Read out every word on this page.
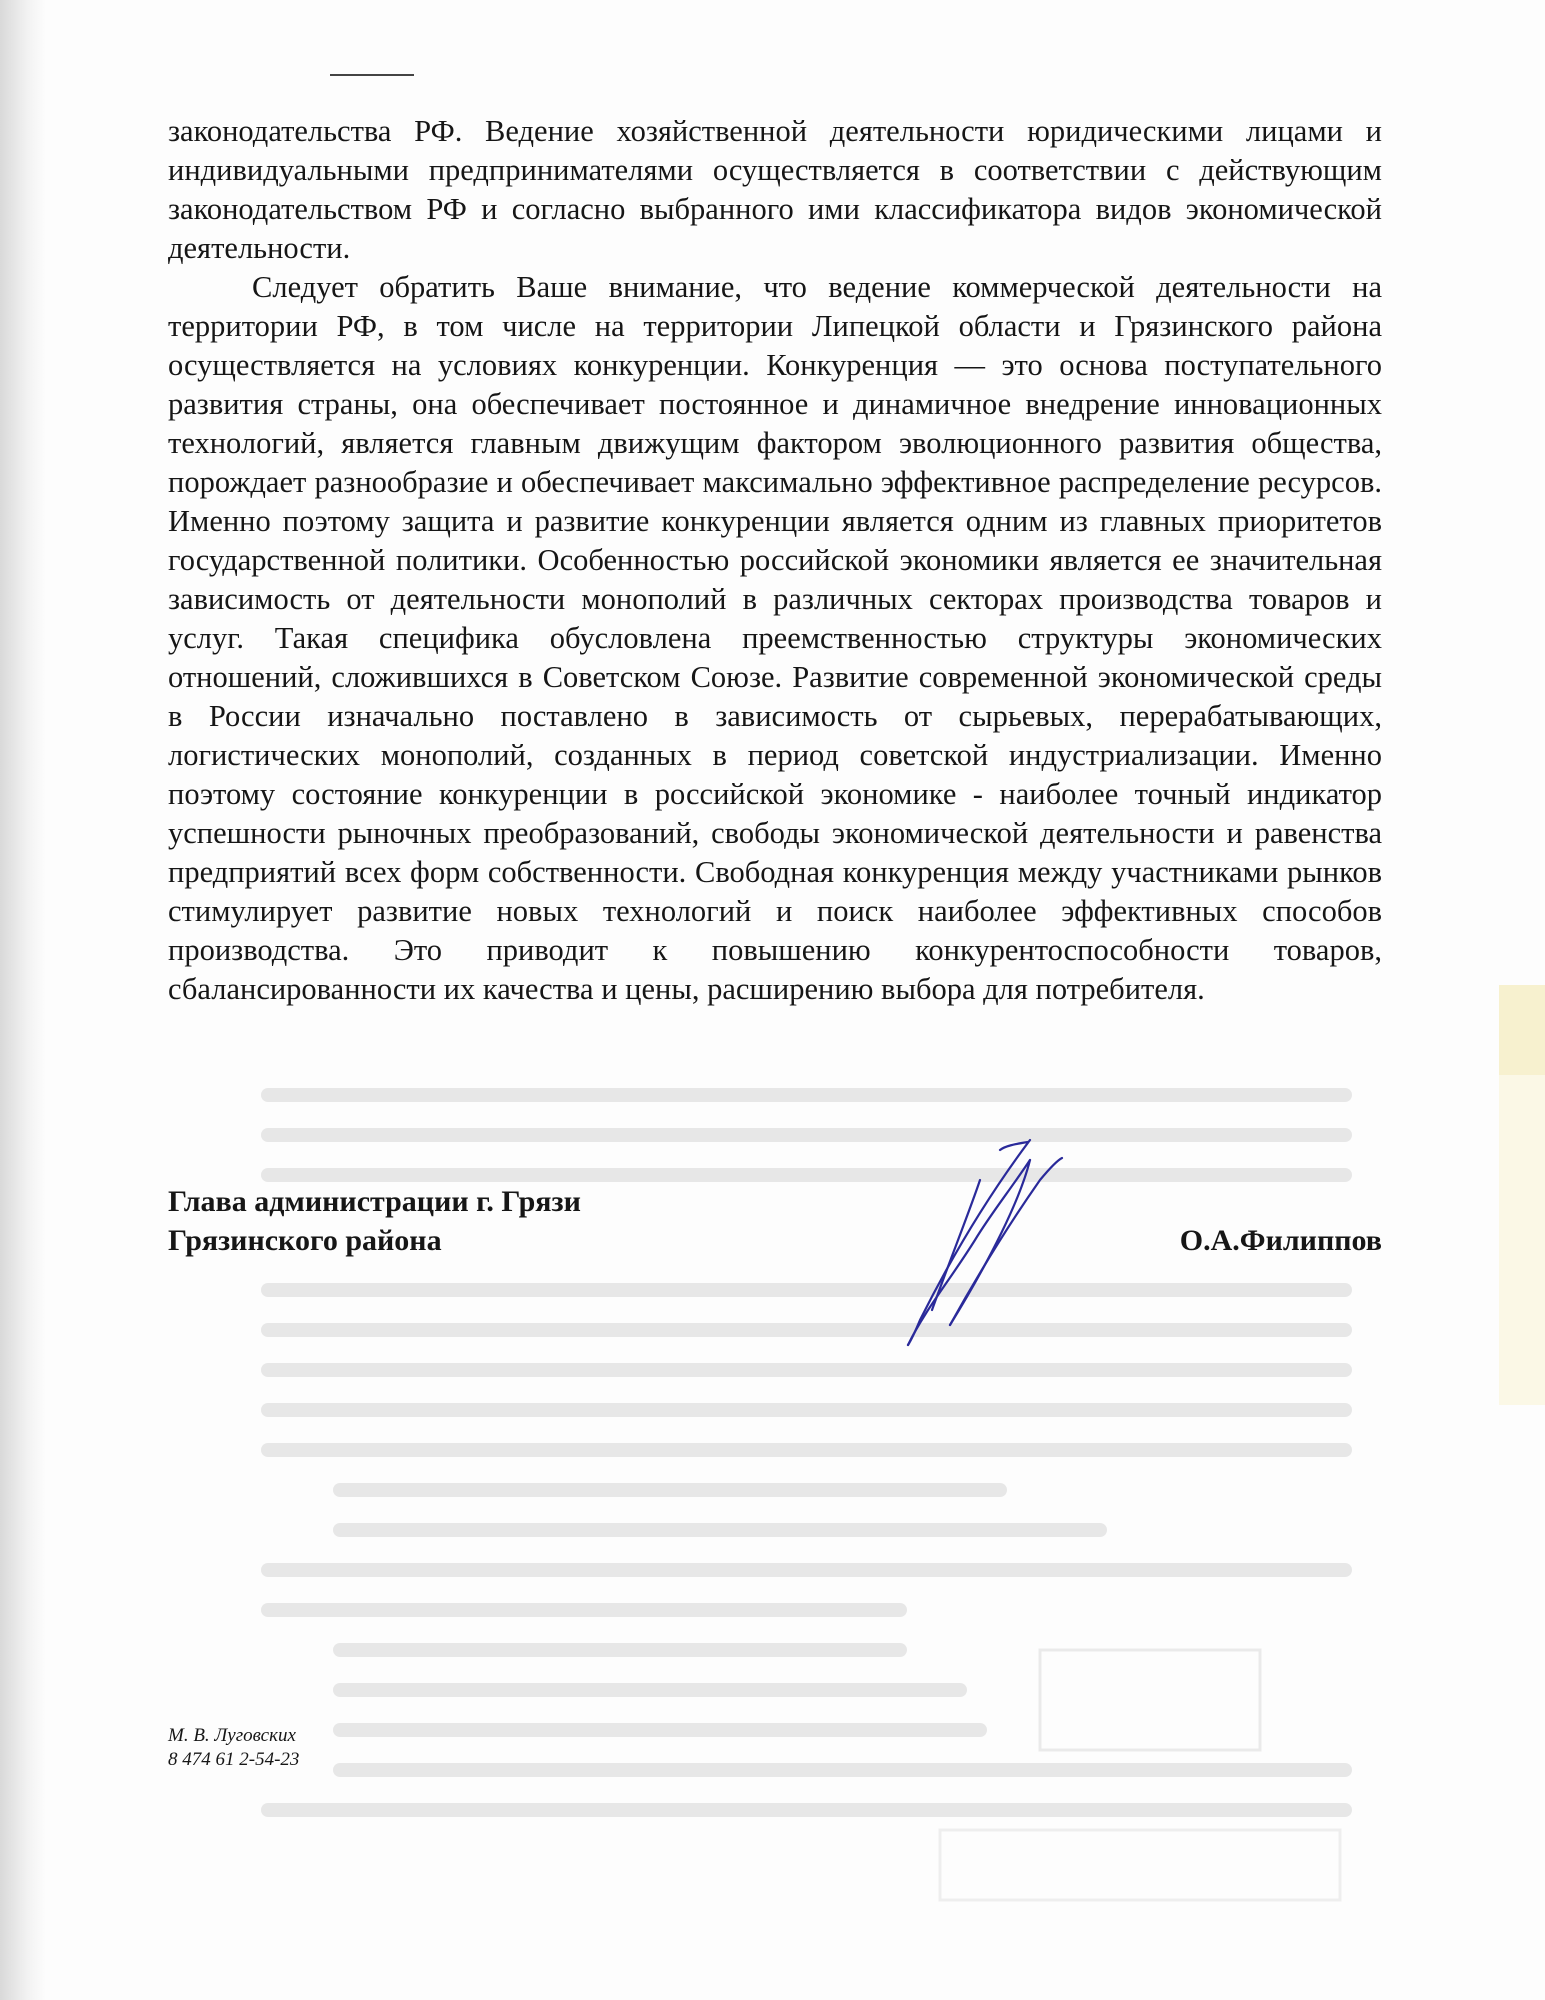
законодательства РФ. Ведение хозяйственной деятельности юридическими лицами и индивидуальными предпринимателями осуществляется в соответствии с действующим законодательством РФ и согласно выбранного ими классификатора видов экономической деятельности.

Следует обратить Ваше внимание, что ведение коммерческой деятельности на территории РФ, в том числе на территории Липецкой области и Грязинского района осуществляется на условиях конкуренции. Конкуренция — это основа поступательного развития страны, она обеспечивает постоянное и динамичное внедрение инновационных технологий, является главным движущим фактором эволюционного развития общества, порождает разнообразие и обеспечивает максимально эффективное распределение ресурсов. Именно поэтому защита и развитие конкуренции является одним из главных приоритетов государственной политики. Особенностью российской экономики является ее значительная зависимость от деятельности монополий в различных секторах производства товаров и услуг. Такая специфика обусловлена преемственностью структуры экономических отношений, сложившихся в Советском Союзе. Развитие современной экономической среды в России изначально поставлено в зависимость от сырьевых, перерабатывающих, логистических монополий, созданных в период советской индустриализации. Именно поэтому состояние конкуренции в российской экономике - наиболее точный индикатор успешности рыночных преобразований, свободы экономической деятельности и равенства предприятий всех форм собственности. Свободная конкуренция между участниками рынков стимулирует развитие новых технологий и поиск наиболее эффективных способов производства. Это приводит к повышению конкурентоспособности товаров, сбалансированности их качества и цены, расширению выбора для потребителя.

Глава администрации г. Грязи
Грязинского района	О.А.Филиппов
М. В. Луговских
8 474 61 2-54-23
